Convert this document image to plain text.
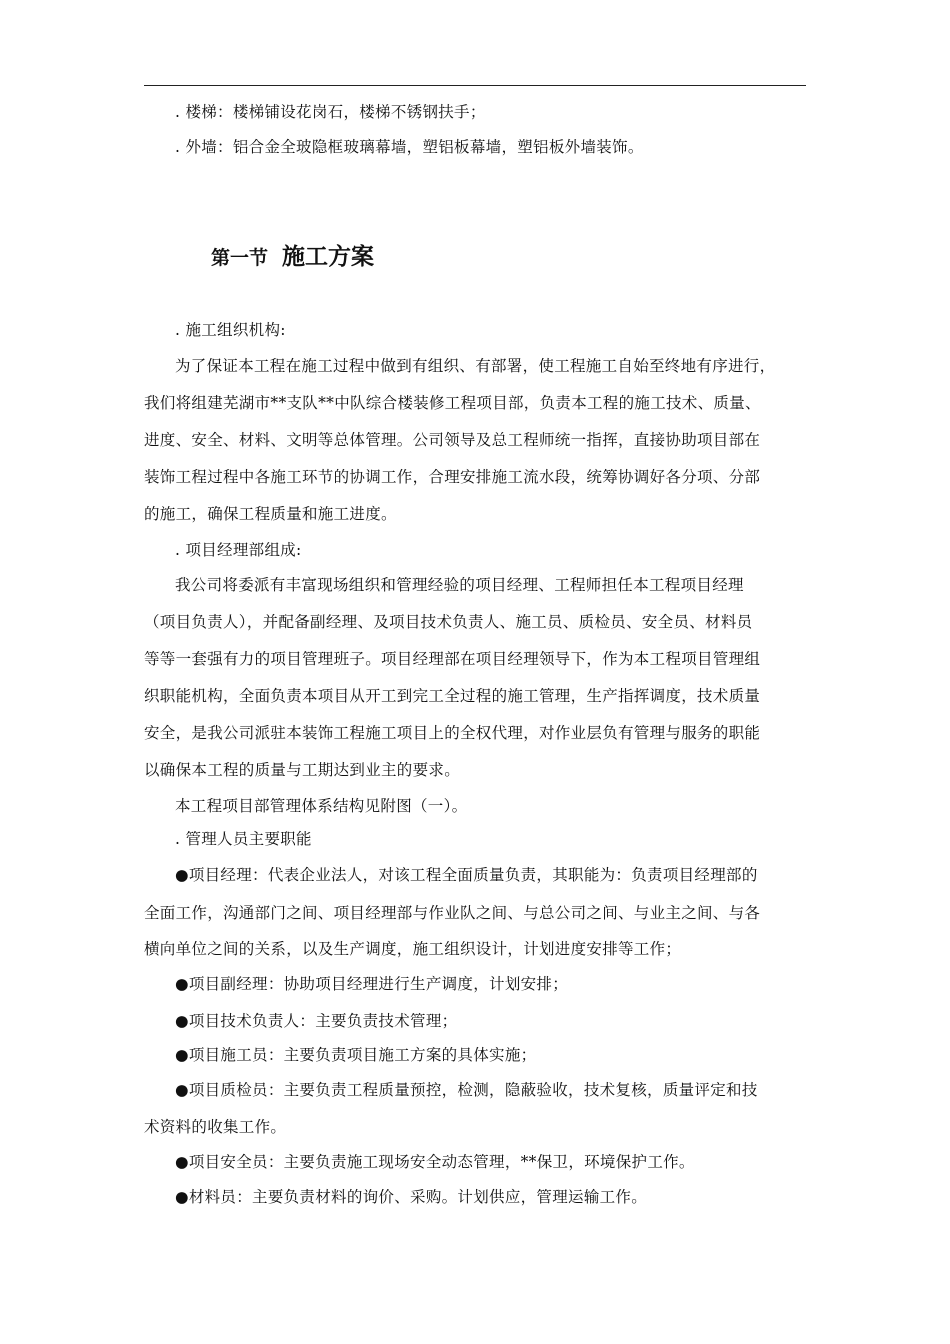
. 楼梯：楼梯铺设花岗石，楼梯不锈钢扶手；
. 外墙：铝合金全玻隐框玻璃幕墙，塑铝板幕墙，塑铝板外墙装饰。
第一节 施工方案
. 施工组织机构:
为了保证本工程在施工过程中做到有组织、有部署，使工程施工自始至终地有序进行，
我们将组建芜湖市**支队**中队综合楼装修工程项目部，负责本工程的施工技术、质量、
进度、安全、材料、文明等总体管理。公司领导及总工程师统一指挥，直接协助项目部在
装饰工程过程中各施工环节的协调工作，合理安排施工流水段，统筹协调好各分项、分部
的施工，确保工程质量和施工进度。
. 项目经理部组成:
我公司将委派有丰富现场组织和管理经验的项目经理、工程师担任本工程项目经理
（项目负责人），并配备副经理、及项目技术负责人、施工员、质检员、安全员、材料员
等等一套强有力的项目管理班子。项目经理部在项目经理领导下，作为本工程项目管理组
织职能机构，全面负责本项目从开工到完工全过程的施工管理，生产指挥调度，技术质量
安全，是我公司派驻本装饰工程施工项目上的全权代理，对作业层负有管理与服务的职能
以确保本工程的质量与工期达到业主的要求。
本工程项目部管理体系结构见附图（一）。
. 管理人员主要职能
●项目经理：代表企业法人，对该工程全面质量负责，其职能为：负责项目经理部的
全面工作，沟通部门之间、项目经理部与作业队之间、与总公司之间、与业主之间、与各
横向单位之间的关系，以及生产调度，施工组织设计，计划进度安排等工作；
●项目副经理：协助项目经理进行生产调度，计划安排；
●项目技术负责人：主要负责技术管理；
●项目施工员：主要负责项目施工方案的具体实施；
●项目质检员：主要负责工程质量预控，检测，隐蔽验收，技术复核，质量评定和技
术资料的收集工作。
●项目安全员：主要负责施工现场安全动态管理，**保卫，环境保护工作。
●材料员：主要负责材料的询价、采购。计划供应，管理运输工作。
